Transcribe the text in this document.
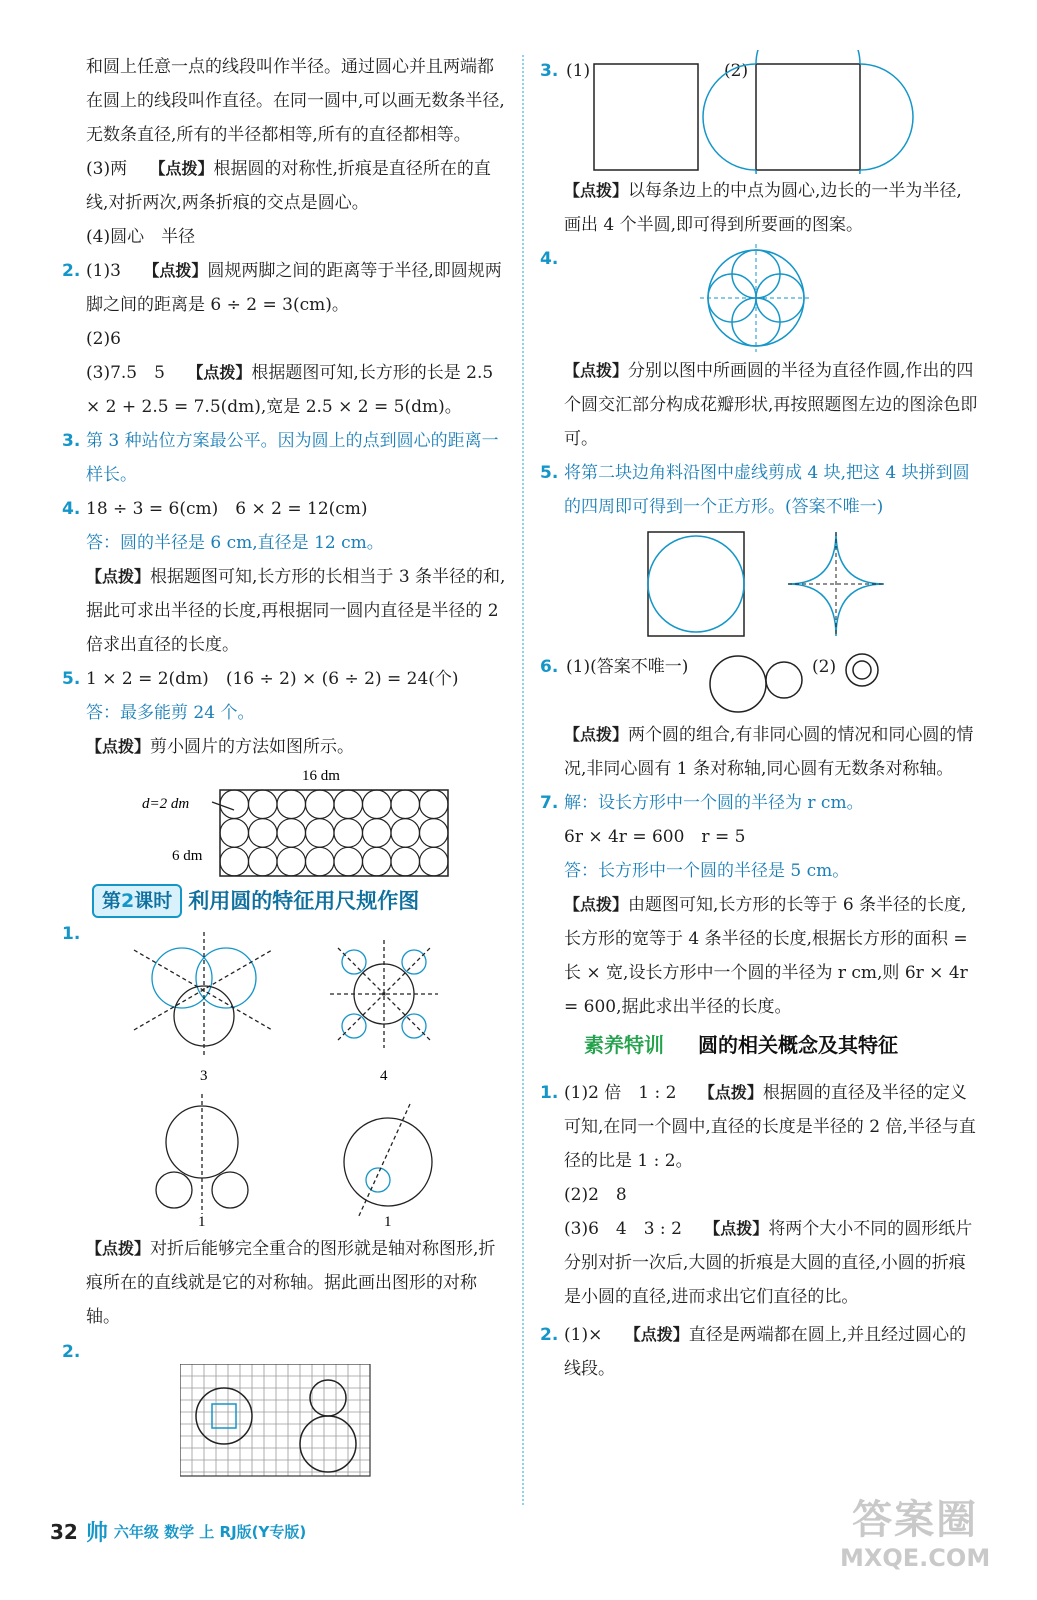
和圆上任意一点的线段叫作半径。通过圆心并且两端都在圆上的线段叫作直径。在同一圆中,可以画无数条半径,无数条直径,所有的半径都相等,所有的直径都相等。

(3)两　 【点拨】根据圆的对称性,折痕是直径所在的直线,对折两次,两条折痕的交点是圆心。

(4)圆心　半径

2. (1)3　 【点拨】圆规两脚之间的距离等于半径,即圆规两脚之间的距离是 6 ÷ 2 = 3(cm)。

(2)6

(3)7.5　5　 【点拨】根据题图可知,长方形的长是 2.5 × 2 + 2.5 = 7.5(dm),宽是 2.5 × 2 = 5(dm)。

3. 第 3 种站位方案最公平。因为圆上的点到圆心的距离一样长。

4. 18 ÷ 3 = 6(cm)　6 × 2 = 12(cm)

答：圆的半径是 6 cm,直径是 12 cm。

【点拨】根据题图可知,长方形的长相当于 3 条半径的和,据此可求出半径的长度,再根据同一圆内直径是半径的 2 倍求出直径的长度。

5. 1 × 2 = 2(dm)　(16 ÷ 2) × (6 ÷ 2) = 24(个)

答：最多能剪 24 个。

【点拨】剪小圆片的方法如图所示。

16 dm
d=2 dm
6 dm
第2课时 利用圆的特征用尺规作图

1.

3	4
1	1

【点拨】对折后能够完全重合的图形就是轴对称图形,折痕所在的直线就是它的对称轴。据此画出图形的对称轴。

2.

3. (1)	(2)

【点拨】以每条边上的中点为圆心,边长的一半为半径,画出 4 个半圆,即可得到所要画的图案。

4.

【点拨】分别以图中所画圆的半径为直径作圆,作出的四个圆交汇部分构成花瓣形状,再按照题图左边的图涂色即可。

5. 将第二块边角料沿图中虚线剪成 4 块,把这 4 块拼到圆的四周即可得到一个正方形。(答案不唯一)

6. (1)(答案不唯一)	(2)

【点拨】两个圆的组合,有非同心圆的情况和同心圆的情况,非同心圆有 1 条对称轴,同心圆有无数条对称轴。

7. 解：设长方形中一个圆的半径为 r cm。

6r × 4r = 600　r = 5

答：长方形中一个圆的半径是 5 cm。

【点拨】由题图可知,长方形的长等于 6 条半径的长度,长方形的宽等于 4 条半径的长度,根据长方形的面积 = 长 × 宽,设长方形中一个圆的半径为 r cm,则 6r × 4r = 600,据此求出半径的长度。

素养特训 圆的相关概念及其特征

1. (1)2 倍　1 : 2　 【点拨】根据圆的直径及半径的定义可知,在同一个圆中,直径的长度是半径的 2 倍,半径与直径的比是 1 : 2。

(2)2　8

(3)6　4　3 : 2　 【点拨】将两个大小不同的圆形纸片分别对折一次后,大圆的折痕是大圆的直径,小圆的折痕是小圆的直径,进而求出它们直径的比。

2. (1)×　 【点拨】直径是两端都在圆上,并且经过圆心的线段。

32 帅 六年级 数学 上 RJ版(Y专版)	答案圈
MXQE.COM
